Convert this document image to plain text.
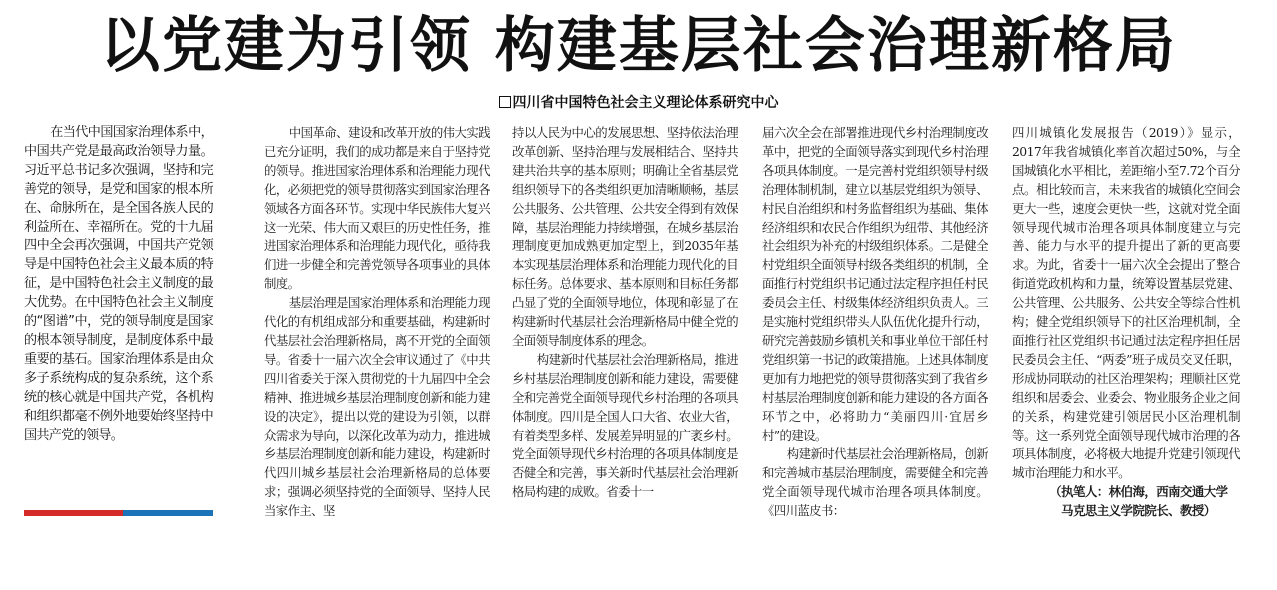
以党建为引领 构建基层社会治理新格局
四川省中国特色社会主义理论体系研究中心

在当代中国国家治理体系中，中国共产党是最高政治领导力量。习近平总书记多次强调，坚持和完善党的领导，是党和国家的根本所在、命脉所在，是全国各族人民的利益所在、幸福所在。党的十九届四中全会再次强调，中国共产党领导是中国特色社会主义最本质的特征，是中国特色社会主义制度的最大优势。在中国特色社会主义制度的“图谱”中，党的领导制度是国家的根本领导制度，是制度体系中最重要的基石。国家治理体系是由众多子系统构成的复杂系统，这个系统的核心就是中国共产党，各机构和组织都毫不例外地要始终坚持中国共产党的领导。

中国革命、建设和改革开放的伟大实践已充分证明，我们的成功都是来自于坚持党的领导。推进国家治理体系和治理能力现代化，必须把党的领导贯彻落实到国家治理各领域各方面各环节。实现中华民族伟大复兴这一光荣、伟大而又艰巨的历史性任务，推进国家治理体系和治理能力现代化，亟待我们进一步健全和完善党领导各项事业的具体制度。

基层治理是国家治理体系和治理能力现代化的有机组成部分和重要基础，构建新时代基层社会治理新格局，离不开党的全面领导。省委十一届六次全会审议通过了《中共四川省委关于深入贯彻党的十九届四中全会精神、推进城乡基层治理制度创新和能力建设的决定》，提出以党的建设为引领，以群众需求为导向，以深化改革为动力，推进城乡基层治理制度创新和能力建设，构建新时代四川城乡基层社会治理新格局的总体要求；强调必须坚持党的全面领导、坚持人民当家作主、坚

持以人民为中心的发展思想、坚持依法治理改革创新、坚持治理与发展相结合、坚持共建共治共享的基本原则；明确让全省基层党组织领导下的各类组织更加清晰顺畅，基层公共服务、公共管理、公共安全得到有效保障，基层治理能力持续增强，在城乡基层治理制度更加成熟更加定型上，到2035年基本实现基层治理体系和治理能力现代化的目标任务。总体要求、基本原则和目标任务都凸显了党的全面领导地位，体现和彰显了在构建新时代基层社会治理新格局中健全党的全面领导制度体系的理念。

构建新时代基层社会治理新格局，推进乡村基层治理制度创新和能力建设，需要健全和完善党全面领导现代乡村治理的各项具体制度。四川是全国人口大省、农业大省，有着类型多样、发展差异明显的广袤乡村。党全面领导现代乡村治理的各项具体制度是否健全和完善，事关新时代基层社会治理新格局构建的成败。省委十一

届六次全会在部署推进现代乡村治理制度改革中，把党的全面领导落实到现代乡村治理各项具体制度。一是完善村党组织领导村级治理体制机制，建立以基层党组织为领导、村民自治组织和村务监督组织为基础、集体经济组织和农民合作组织为纽带、其他经济社会组织为补充的村级组织体系。二是健全村党组织全面领导村级各类组织的机制，全面推行村党组织书记通过法定程序担任村民委员会主任、村级集体经济组织负责人。三是实施村党组织带头人队伍优化提升行动，研究完善鼓励乡镇机关和事业单位干部任村党组织第一书记的政策措施。上述具体制度更加有力地把党的领导贯彻落实到了我省乡村基层治理制度创新和能力建设的各方面各环节之中，必将助力“美丽四川·宜居乡村”的建设。

构建新时代基层社会治理新格局，创新和完善城市基层治理制度，需要健全和完善党全面领导现代城市治理各项具体制度。《四川蓝皮书：

四川城镇化发展报告（2019）》显示，2017年我省城镇化率首次超过50%，与全国城镇化水平相比，差距缩小至7.72个百分点。相比较而言，未来我省的城镇化空间会更大一些，速度会更快一些，这就对党全面领导现代城市治理各项具体制度建立与完善、能力与水平的提升提出了新的更高要求。为此，省委十一届六次全会提出了整合街道党政机构和力量，统筹设置基层党建、公共管理、公共服务、公共安全等综合性机构；健全党组织领导下的社区治理机制，全面推行社区党组织书记通过法定程序担任居民委员会主任、“两委”班子成员交叉任职，形成协同联动的社区治理架构；理顺社区党组织和居委会、业委会、物业服务企业之间的关系，构建党建引领居民小区治理机制等。这一系列党全面领导现代城市治理的各项具体制度，必将极大地提升党建引领现代城市治理能力和水平。

（执笔人：林伯海，西南交通大学

马克思主义学院院长、教授）
